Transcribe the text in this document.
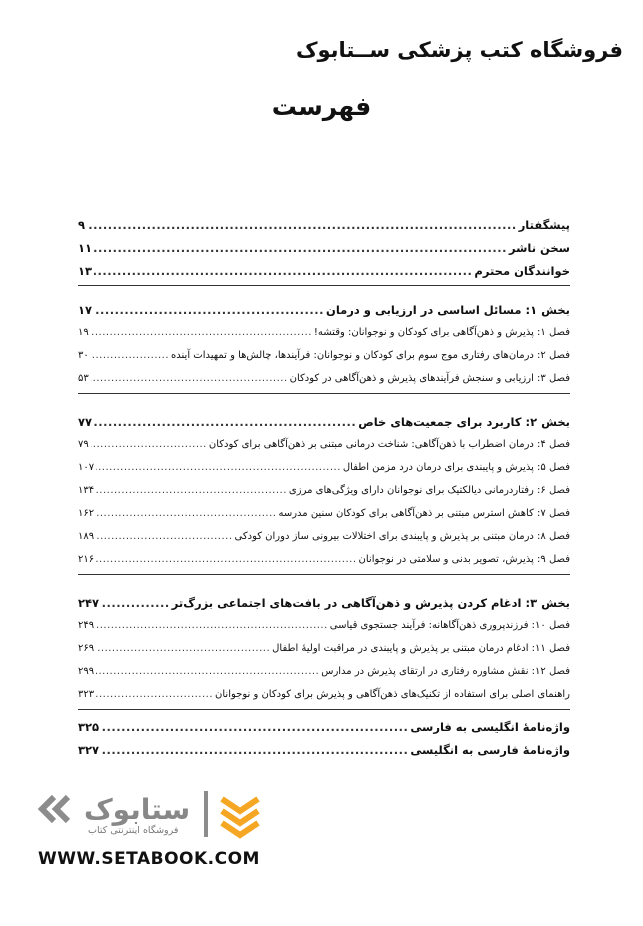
فروشگاه کتب پزشکی ســتابوک
فهرست
پیشگفتار
.....
۹
سخن ناشر
.....
۱۱
خوانندگان محترم
.....
۱۳
بخش ۱: مسائل اساسی در ارزیابی و درمان
.....
۱۷
فصل ۱: پذیرش و ذهن‌آگاهی برای کودکان و نوجوانان: وقتشه!
.....
۱۹
فصل ۲: درمان‌های رفتاری موج سوم برای کودکان و نوجوانان: فرآیندها، چالش‌ها و تمهیدات آینده
.....
۳۰
فصل ۳: ارزیابی و سنجش فرآیندهای پذیرش و ذهن‌آگاهی در کودکان
.....
۵۳
بخش ۲: کاربرد برای جمعیت‌های خاص
.....
۷۷
فصل ۴: درمان اضطراب با ذهن‌آگاهی: شناخت درمانی مبتنی بر ذهن‌آگاهی برای کودکان
.....
۷۹
فصل ۵: پذیرش و پایبندی برای درمان درد مزمن اطفال
.....
۱۰۷
فصل ۶: رفتاردرمانی دیالکتیک برای نوجوانان دارای ویژگی‌های مرزی
.....
۱۳۴
فصل ۷: کاهش استرس مبتنی بر ذهن‌آگاهی برای کودکان سنین مدرسه
.....
۱۶۲
فصل ۸: درمان مبتنی بر پذیرش و پایبندی برای اختلالات بیرونی ساز دوران کودکی
.....
۱۸۹
فصل ۹: پذیرش، تصویر بدنی و سلامتی در نوجوانان
.....
۲۱۶
بخش ۳: ادغام کردن پذیرش و ذهن‌آگاهی در بافت‌های اجتماعی بزرگ‌تر
.....
۲۴۷
فصل ۱۰: فرزندپروری ذهن‌آگاهانه: فرآیند جستجوی قیاسی
.....
۲۴۹
فصل ۱۱: ادغام درمان مبتنی بر پذیرش و پایبندی در مراقبت اولیهٔ اطفال
.....
۲۶۹
فصل ۱۲: نقش مشاوره رفتاری در ارتقای پذیرش در مدارس
.....
۲۹۹
راهنمای اصلی برای استفاده از تکنیک‌های ذهن‌آگاهی و پذیرش برای کودکان و نوجوانان
.....
۳۲۳
واژه‌نامهٔ انگلیسی به فارسی
.....
۳۲۵
واژه‌نامهٔ فارسی به انگلیسی
.....
۳۲۷
ستابوک
فروشگاه اینترنتی کتاب
WWW.SETABOOK.COM
